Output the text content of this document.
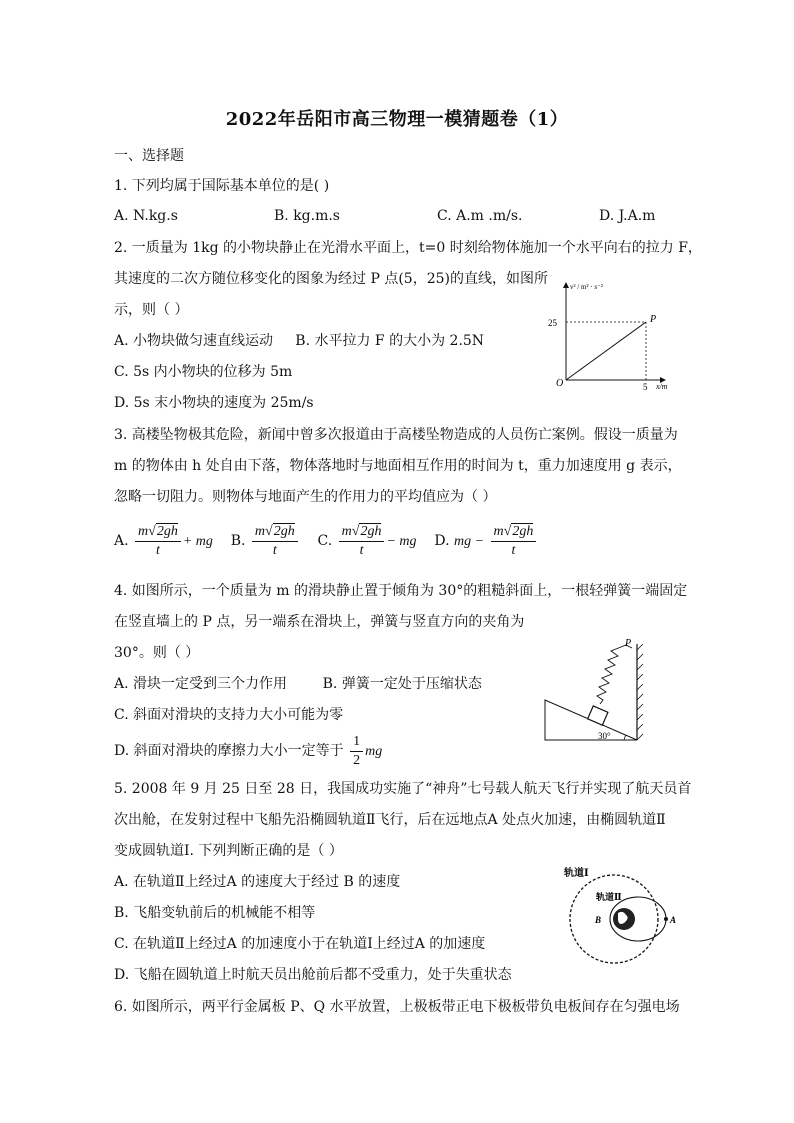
2022年岳阳市高三物理一模猜题卷（1）
一、选择题
1. 下列均属于国际基本单位的是( )
A. N.kg.s	B. kg.m.s	C. A.m .m/s.	D. J.A.m
2. 一质量为 1kg 的小物块静止在光滑水平面上，t=0 时刻给物体施加一个水平向右的拉力 F，
其速度的二次方随位移变化的图象为经过 P 点(5，25)的直线，如图所
示，则（ ）
A. 小物块做匀速直线运动 B. 水平拉力 F 的大小为 2.5N
C. 5s 内小物块的位移为 5m
D. 5s 末小物块的速度为 25m/s
v² / m² · s⁻²
25
5 x/m
P
O
3. 高楼坠物极其危险，新闻中曾多次报道由于高楼坠物造成的人员伤亡案例。假设一质量为
m 的物体由 h 处自由下落，物体落地时与地面相互作用的时间为 t，重力加速度用 g 表示，
忽略一切阻力。则物体与地面产生的作用力的平均值应为（ ）
A. $\frac{m√2gh}{t}$ + mg B. $\frac{m√2gh}{t} C$. $\frac{m√2gh}{t}$ − mg D. mg − $\frac{m√2gh}{t}$
4. 如图所示，一个质量为 m 的滑块静止置于倾角为 30°的粗糙斜面上，一根轻弹簧一端固定
在竖直墙上的 P 点，另一端系在滑块上，弹簧与竖直方向的夹角为
30°。则（ ）
A. 滑块一定受到三个力作用	B. 弹簧一定处于压缩状态
C. 斜面对滑块的支持力大小可能为零
D. 斜面对滑块的摩擦力大小一定等于 $\frac{1}{2}$ mg
P
30°
5. 2008 年 9 月 25 日至 28 日，我国成功实施了“神舟”七号载人航天飞行并实现了航天员首
次出舱，在发射过程中飞船先沿椭圆轨道Ⅱ飞行，后在远地点A 处点火加速，由椭圆轨道Ⅱ
变成圆轨道Ⅰ. 下列判断正确的是（ ）
A. 在轨道Ⅱ上经过A 的速度大于经过 B 的速度
B. 飞船变轨前后的机械能不相等
C. 在轨道Ⅱ上经过A 的加速度小于在轨道Ⅰ上经过A 的加速度
D. 飞船在圆轨道上时航天员出舱前后都不受重力，处于失重状态
轨道Ⅰ
轨道Ⅱ
A
B
6. 如图所示，两平行金属板 P、Q 水平放置，上极板带正电下极板带负电板间存在匀强电场
